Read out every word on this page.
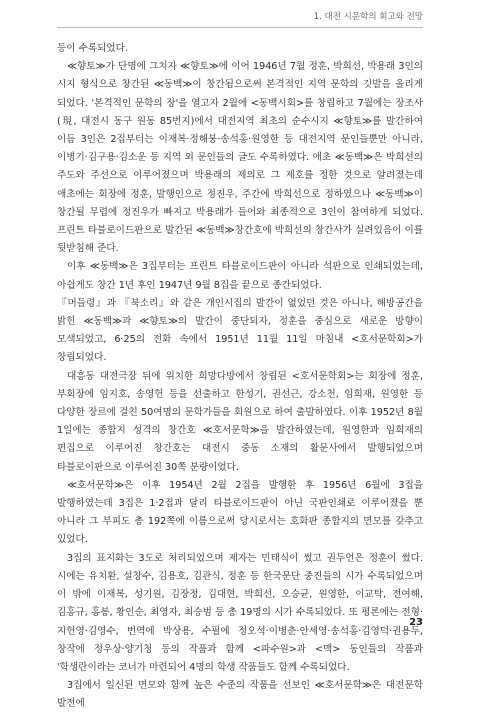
1. 대전 시문학의 회고와 전망

등이 수록되었다.

≪향토≫가 단명에 그치자 ≪향토≫에 이어 1946년 7월 정훈, 박희선, 박용래 3인의 시지 형식으로 창간된 ≪동백≫이 창간됨으로써 본격적인 지역 문학의 깃발을 올리게 되었다. '본격적인 문학의 장'을 열고자 2월에 <동백시회>를 창립하고 7월에는 장조사(現, 대전시 동구 원동 85번지)에서 대전지역 최초의 순수시지 ≪향토≫를 발간하여 이듬 3인은 2집부터는 이재복·정해붕·송석홍·원영한 등 대전지역 문인들뿐만 아니라, 이병기·김구용·김소운 등 지역 외 문인들의 글도 수록하였다. 애초 ≪동백≫은 박희선의 주도와 주선으로 이루어졌으며 박용래의 제의로 그 제호를 정한 것으로 알려졌는데 애초에는 회장에 정훈, 발행인으로 정진우, 주간에 박희선으로 정하였으나 ≪동백≫이 창간될 무렵에 정진우가 빠지고 박용래가 들어와 최종적으로 3인이 참여하게 되었다. 프린트 타블로이드판으로 발간된 ≪동백≫창간호에 박희선의 창간사가 실려있음이 이를 뒷받침해 준다.

이후 ≪동백≫은 3집부터는 프린트 타블로이드판이 아니라 석판으로 인쇄되었는데, 아쉽게도 창간 1년 후인 1947년 9월 8집을 끝으로 종간되었다.

『머들령』과 『북소리』와 같은 개인시집의 발간이 없었던 것은 아니나, 해방공간을 밝힌 ≪동백≫과 ≪향토≫의 발간이 중단되자, 정훈을 중심으로 새로운 방향이 모색되었고, 6·25의 전화 속에서 1951년 11월 11일 마침내 <호서문학회>가 창립되었다.

대흥동 대전극장 뒤에 위치한 희망다방에서 창립된 <호서문학회>는 회장에 정훈, 부회장에 임지호, 송영헌 등을 선출하고 한성기, 권선근, 강소천, 임희재, 원영한 등 다양한 장르에 걸친 50여명의 문학가들을 회원으로 하여 출발하였다. 이후 1952년 8월 1일에는 종합지 성격의 창간호 ≪호서문학≫을 발간하였는데, 원영한과 임희재의 편집으로 이루어진 창간호는 대전시 중동 소재의 활문사에서 발행되었으며 타블로이판으로 이루어진 30쪽 분량이었다.

≪호서문학≫은 이후 1954년 2월 2집을 발행한 후 1956년 6월에 3집을 발행하였는데 3집은 1·2집과 달리 타블로이드판이 아닌 국판인쇄로 이루어졌을 뿐 아니라 그 부피도 총 192쪽에 이름으로써 당시로서는 호화판 종합지의 면모를 갖추고 있었다.

3집의 표지화는 3도로 처리되었으며 제자는 민태식이 썼고 권두언은 정훈이 썼다. 시에는 유치환, 설창수, 김용호, 김관식, 정훈 등 한국문단 중진들의 시가 수록되었으며 이 밖에 이재복, 성기원, 김장정, 김대현, 박희선, 오승균, 원영한, 이교탁, 전여해, 김홍규, 홍봉, 황인순, 최영자, 최승범 등 총 19명의 시가 수록되었다. 또 평론에는 전형·지헌영·김영수, 번역에 박상용, 수필에 정오석·이병춘·안세영·송석홍·김영덕·권용두, 창작에 정우상·양기청 등의 작품과 함께 <파수원>과 <맥> 동인들의 작품과 '학생란이라는 코너가 마련되어 4명의 학생 작품들도 함께 수록되었다.

3집에서 일신된 면모와 함께 높은 수준의 작품을 선보인 ≪호서문학≫은 대전문학 발전에

23
